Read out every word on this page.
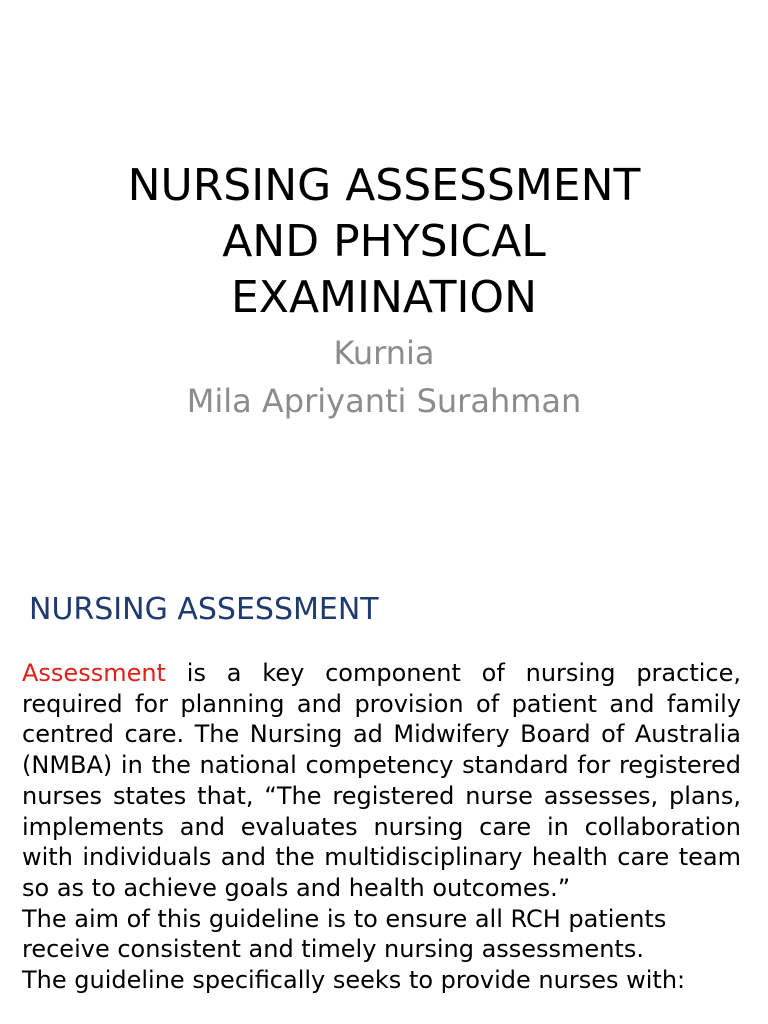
NURSING ASSESSMENT
AND PHYSICAL
EXAMINATION
Kurnia
Mila Apriyanti Surahman
NURSING ASSESSMENT

Assessment is a key component of nursing practice, required for planning and provision of patient and family centred care. The Nursing ad Midwifery Board of Australia (NMBA) in the national competency standard for registered nurses states that, “The registered nurse assesses, plans, implements and evaluates nursing care in collaboration with individuals and the multidisciplinary health care team so as to achieve goals and health outcomes.”

The aim of this guideline is to ensure all RCH patients receive consistent and timely nursing assessments.

The guideline specifically seeks to provide nurses with:
